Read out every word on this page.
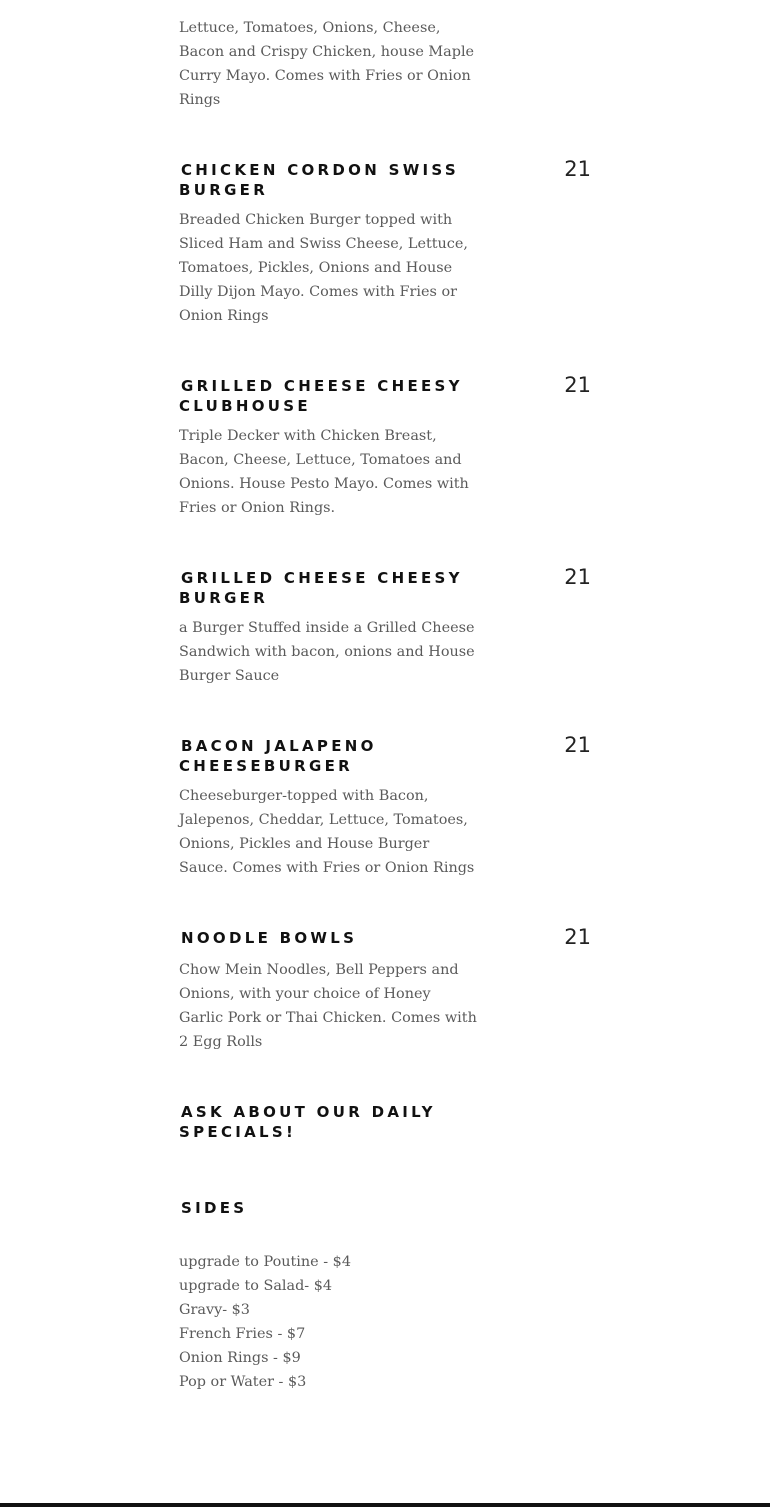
Lettuce, Tomatoes, Onions, Cheese, Bacon and Crispy Chicken, house Maple Curry Mayo. Comes with Fries or Onion Rings

CHICKEN CORDON SWISS BURGER
21

Breaded Chicken Burger topped with Sliced Ham and Swiss Cheese, Lettuce, Tomatoes, Pickles, Onions and House Dilly Dijon Mayo. Comes with Fries or Onion Rings

GRILLED CHEESE CHEESY CLUBHOUSE
21

Triple Decker with Chicken Breast, Bacon, Cheese, Lettuce, Tomatoes and Onions. House Pesto Mayo. Comes with Fries or Onion Rings.

GRILLED CHEESE CHEESY BURGER
21

a Burger Stuffed inside a Grilled Cheese Sandwich with bacon, onions and House Burger Sauce

BACON JALAPENO CHEESEBURGER
21

Cheeseburger-topped with Bacon, Jalepenos, Cheddar, Lettuce, Tomatoes, Onions, Pickles and House Burger Sauce. Comes with Fries or Onion Rings

NOODLE BOWLS	21

Chow Mein Noodles, Bell Peppers and Onions, with your choice of Honey Garlic Pork or Thai Chicken. Comes with 2 Egg Rolls

ASK ABOUT OUR DAILY SPECIALS!
SIDES
upgrade to Poutine - $4
upgrade to Salad- $4
Gravy- $3
French Fries - $7
Onion Rings - $9
Pop or Water - $3
